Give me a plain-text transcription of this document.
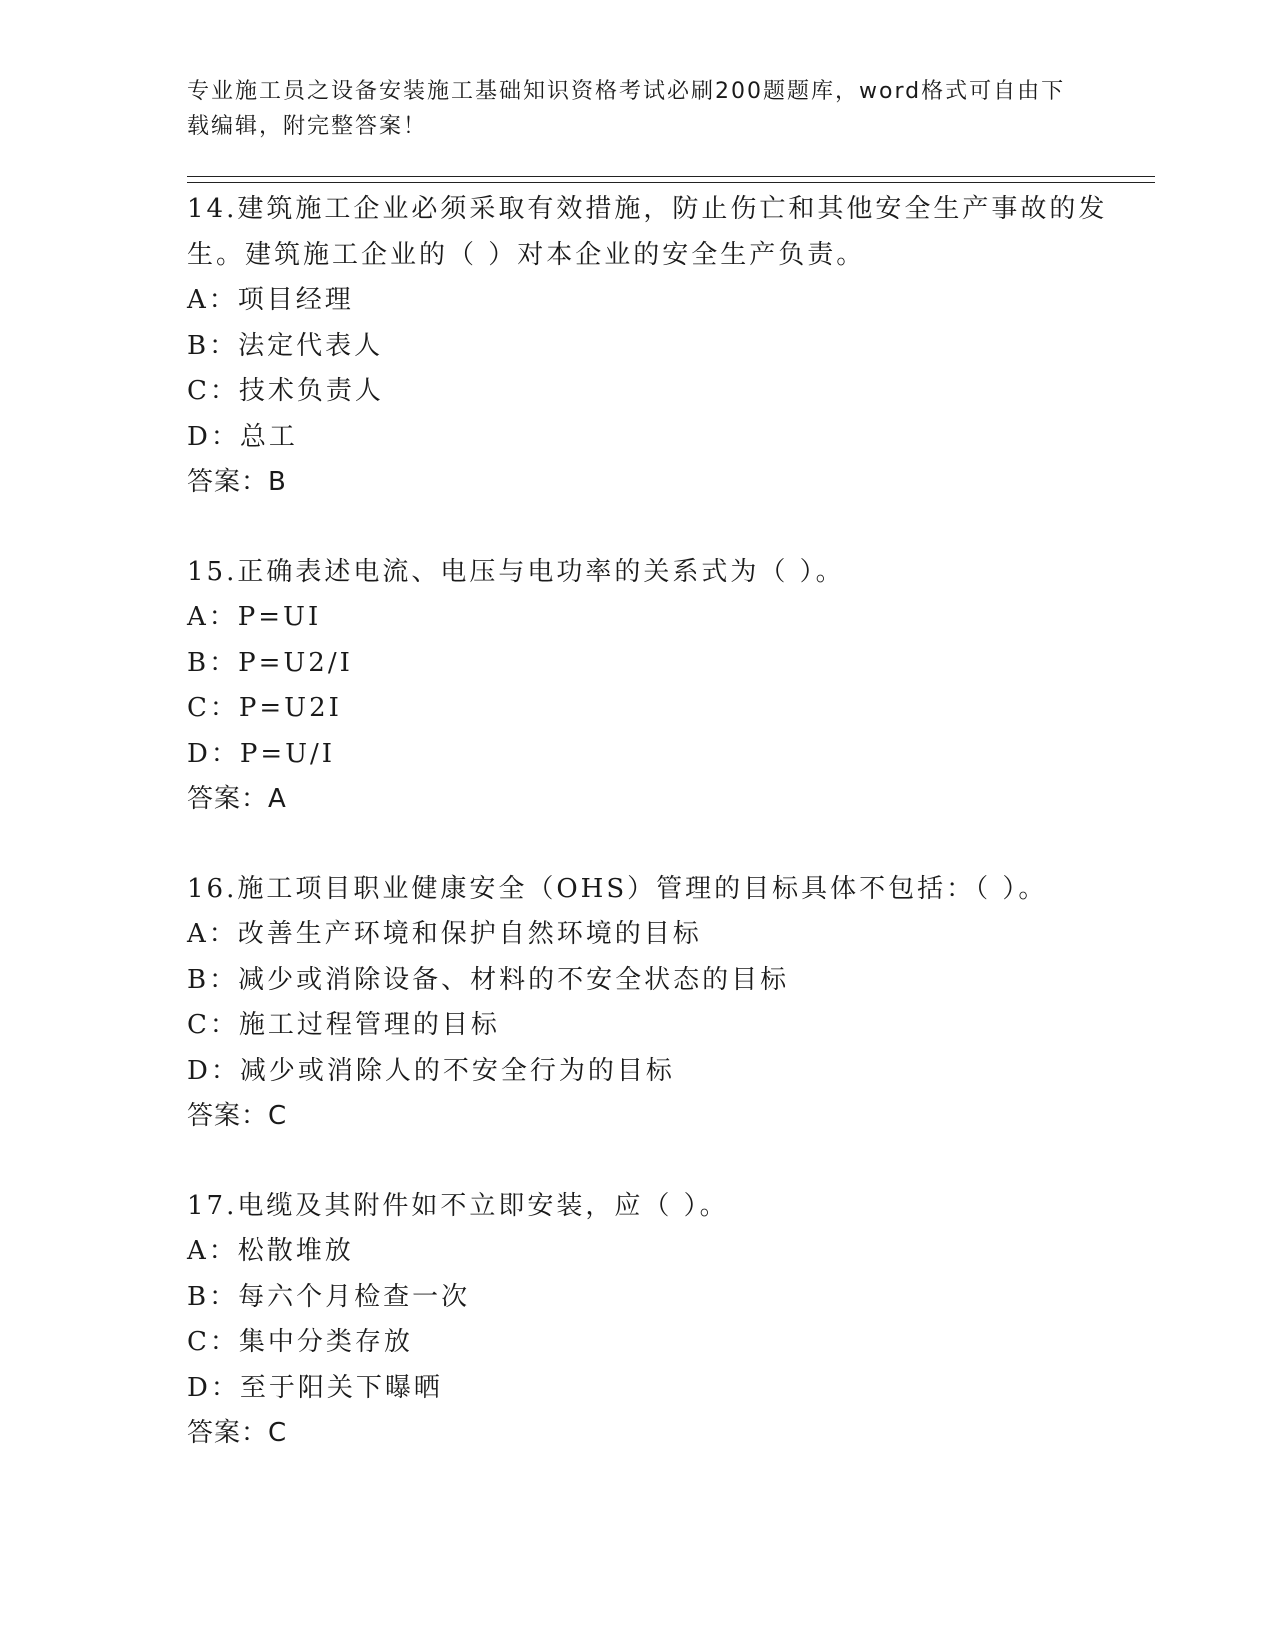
专业施工员之设备安装施工基础知识资格考试必刷200题题库，word格式可自由下载编辑，附完整答案！
14.建筑施工企业必须采取有效措施，防止伤亡和其他安全生产事故的发生。建筑施工企业的（ ）对本企业的安全生产负责。
A：项目经理
B：法定代表人
C：技术负责人
D：总工
答案：B
15.正确表述电流、电压与电功率的关系式为（ ）。
A：P=UI
B：P=U2/I
C：P=U2I
D：P=U/I
答案：A
16.施工项目职业健康安全（OHS）管理的目标具体不包括：（ ）。
A：改善生产环境和保护自然环境的目标
B：减少或消除设备、材料的不安全状态的目标
C：施工过程管理的目标
D：减少或消除人的不安全行为的目标
答案：C
17.电缆及其附件如不立即安装，应（ ）。
A：松散堆放
B：每六个月检查一次
C：集中分类存放
D：至于阳关下曝晒
答案：C
